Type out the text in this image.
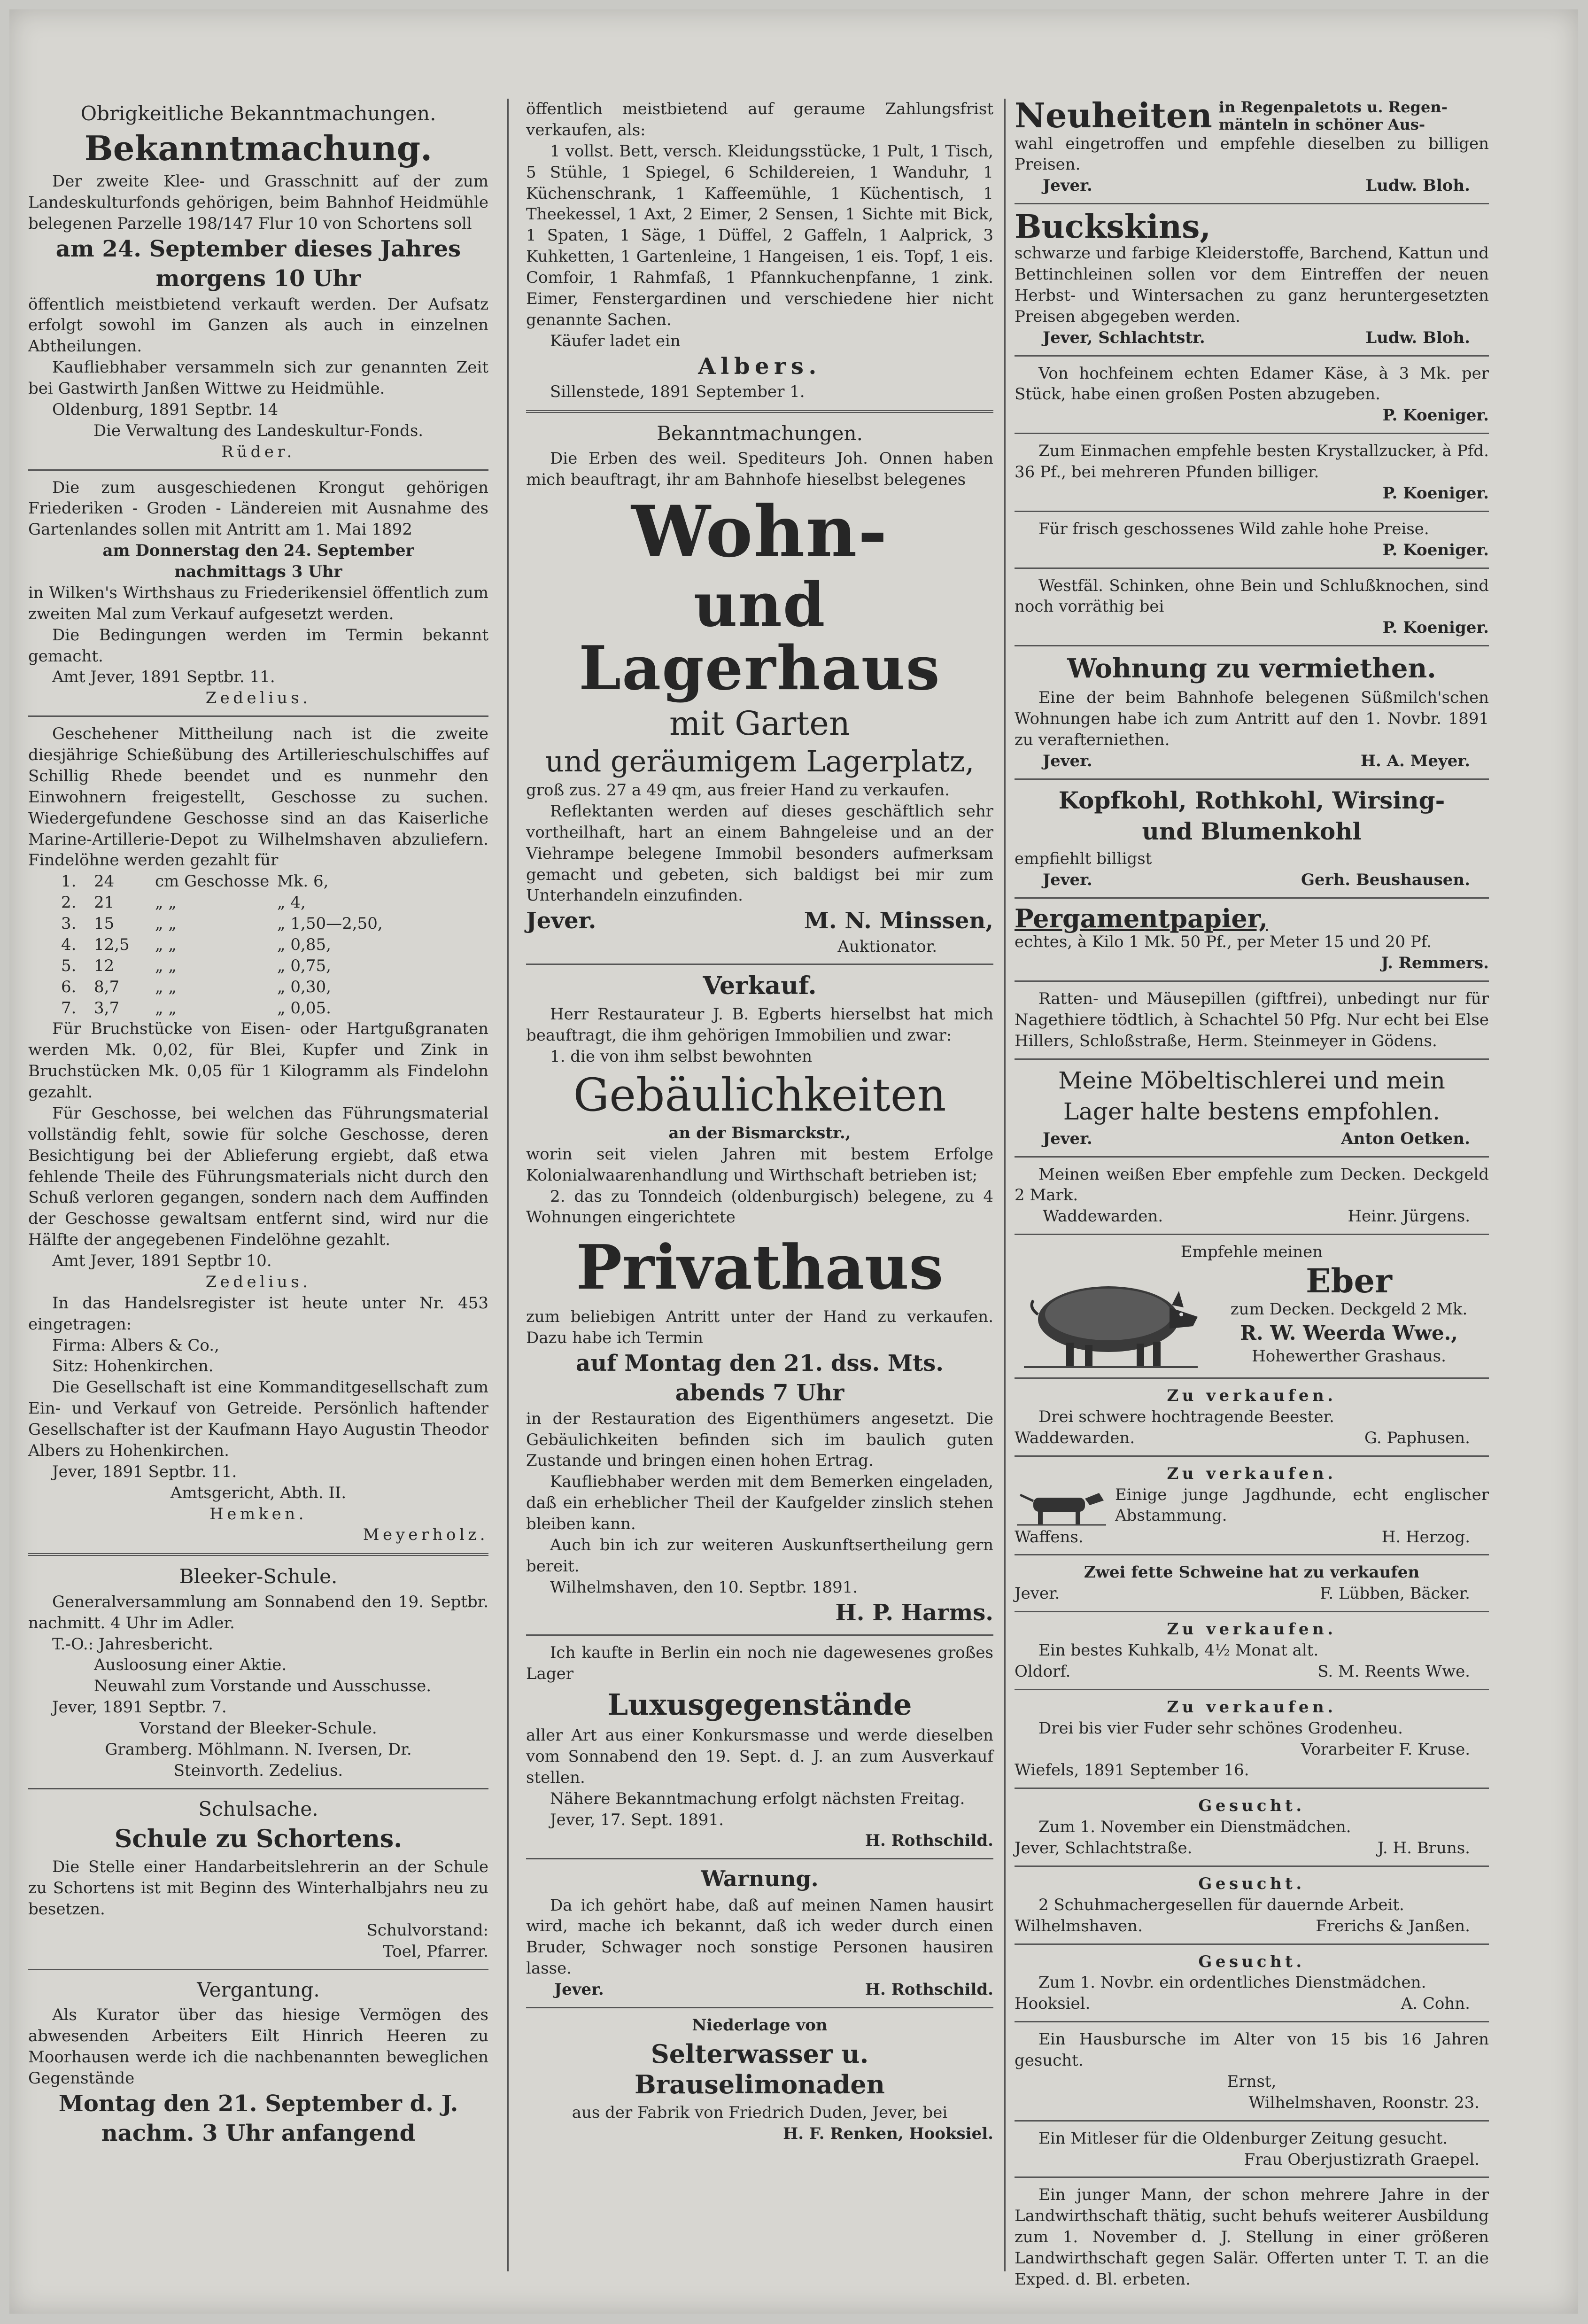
Obrigkeitliche Bekanntmachungen.
Bekanntmachung.

Der zweite Klee- und Grasschnitt auf der zum Landeskulturfonds gehörigen, beim Bahnhof Heidmühle belegenen Parzelle 198/147 Flur 10 von Schortens soll

am 24. September dieses Jahres
morgens 10 Uhr

öffentlich meistbietend verkauft werden. Der Aufsatz erfolgt sowohl im Ganzen als auch in einzelnen Abtheilungen.

Kaufliebhaber versammeln sich zur genannten Zeit bei Gastwirth Janßen Wittwe zu Heidmühle.

Oldenburg, 1891 Septbr. 14
Die Verwaltung des Landeskultur-Fonds.
Rüder.

Die zum ausgeschiedenen Krongut gehörigen Friederiken - Groden - Ländereien mit Ausnahme des Gartenlandes sollen mit Antritt am 1. Mai 1892

am Donnerstag den 24. September
nachmittags 3 Uhr

in Wilken's Wirthshaus zu Friederikensiel öffentlich zum zweiten Mal zum Verkauf aufgesetzt werden.

Die Bedingungen werden im Termin bekannt gemacht.

Amt Jever, 1891 Septbr. 11.
Zedelius.

Geschehener Mittheilung nach ist die zweite diesjährige Schießübung des Artillerieschulschiffes auf Schillig Rhede beendet und es nunmehr den Einwohnern freigestellt, Geschosse zu suchen. Wiedergefundene Geschosse sind an das Kaiserliche Marine-Artillerie-Depot zu Wilhelmshaven abzuliefern. Findelöhne werden gezahlt für

1.	24	cm Geschosse Mk. 6,
2.	21	„ „	„ 4,
3.	15	„ „	„ 1,50—2,50,
4.	12,5	„ „	„ 0,85,
5.	12	„ „	„ 0,75,
6.	8,7	„ „	„ 0,30,
7.	3,7	„ „	„ 0,05.

Für Bruchstücke von Eisen- oder Hartgußgranaten werden Mk. 0,02, für Blei, Kupfer und Zink in Bruchstücken Mk. 0,05 für 1 Kilogramm als Findelohn gezahlt.

Für Geschosse, bei welchen das Führungsmaterial vollständig fehlt, sowie für solche Geschosse, deren Besichtigung bei der Ablieferung ergiebt, daß etwa fehlende Theile des Führungsmaterials nicht durch den Schuß verloren gegangen, sondern nach dem Auffinden der Geschosse gewaltsam entfernt sind, wird nur die Hälfte der angegebenen Findelöhne gezahlt.

Amt Jever, 1891 Septbr 10.
Zedelius.

In das Handelsregister ist heute unter Nr. 453 eingetragen:

Firma: Albers & Co.,
Sitz: Hohenkirchen.

Die Gesellschaft ist eine Kommanditgesellschaft zum Ein- und Verkauf von Getreide. Persönlich haftender Gesellschafter ist der Kaufmann Hayo Augustin Theodor Albers zu Hohenkirchen.

Jever, 1891 Septbr. 11.
Amtsgericht, Abth. II.
Hemken.
Meyerholz.
Bleeker-Schule.

Generalversammlung am Sonnabend den 19. Septbr. nachmitt. 4 Uhr im Adler.

T.-O.: Jahresbericht.
Ausloosung einer Aktie.
Neuwahl zum Vorstande und Ausschusse.
Jever, 1891 Septbr. 7.
Vorstand der Bleeker-Schule.
Gramberg. Möhlmann. N. Iversen, Dr.
Steinvorth. Zedelius.
Schulsache.
Schule zu Schortens.

Die Stelle einer Handarbeitslehrerin an der Schule zu Schortens ist mit Beginn des Winterhalbjahrs neu zu besetzen.

Schulvorstand:
Toel, Pfarrer.
Vergantung.

Als Kurator über das hiesige Vermögen des abwesenden Arbeiters Eilt Hinrich Heeren zu Moorhausen werde ich die nachbenannten beweglichen Gegenstände

Montag den 21. September d. J.
nachm. 3 Uhr anfangend

öffentlich meistbietend auf geraume Zahlungsfrist verkaufen, als:

1 vollst. Bett, versch. Kleidungsstücke, 1 Pult, 1 Tisch, 5 Stühle, 1 Spiegel, 6 Schildereien, 1 Wanduhr, 1 Küchenschrank, 1 Kaffeemühle, 1 Küchentisch, 1 Theekessel, 1 Axt, 2 Eimer, 2 Sensen, 1 Sichte mit Bick, 1 Spaten, 1 Säge, 1 Düffel, 2 Gaffeln, 1 Aalprick, 3 Kuhketten, 1 Gartenleine, 1 Hangeisen, 1 eis. Topf, 1 eis. Comfoir, 1 Rahmfaß, 1 Pfannkuchenpfanne, 1 zink. Eimer, Fenstergardinen und verschiedene hier nicht genannte Sachen.

Käufer ladet ein
Albers.
Sillenstede, 1891 September 1.
Bekanntmachungen.

Die Erben des weil. Spediteurs Joh. Onnen haben mich beauftragt, ihr am Bahnhofe hieselbst belegenes

Wohn-
und Lagerhaus
mit Garten
und geräumigem Lagerplatz,

groß zus. 27 a 49 qm, aus freier Hand zu verkaufen.

Reflektanten werden auf dieses geschäftlich sehr vortheilhaft, hart an einem Bahngeleise und an der Viehrampe belegene Immobil besonders aufmerksam gemacht und gebeten, sich baldigst bei mir zum Unterhandeln einzufinden.

Jever.	M. N. Minssen,
Auktionator.
Verkauf.

Herr Restaurateur J. B. Egberts hierselbst hat mich beauftragt, die ihm gehörigen Immobilien und zwar:

1. die von ihm selbst bewohnten
Gebäulichkeiten
an der Bismarckstr.,

worin seit vielen Jahren mit bestem Erfolge Kolonialwaarenhandlung und Wirthschaft betrieben ist;

2. das zu Tonndeich (oldenburgisch) belegene, zu 4 Wohnungen eingerichtete

Privathaus

zum beliebigen Antritt unter der Hand zu verkaufen. Dazu habe ich Termin

auf Montag den 21. dss. Mts.
abends 7 Uhr

in der Restauration des Eigenthümers angesetzt. Die Gebäulichkeiten befinden sich im baulich guten Zustande und bringen einen hohen Ertrag.

Kaufliebhaber werden mit dem Bemerken eingeladen, daß ein erheblicher Theil der Kaufgelder zinslich stehen bleiben kann.

Auch bin ich zur weiteren Auskunftsertheilung gern bereit.

Wilhelmshaven, den 10. Septbr. 1891.
H. P. Harms.

Ich kaufte in Berlin ein noch nie dagewesenes großes Lager

Luxusgegenstände

aller Art aus einer Konkursmasse und werde dieselben vom Sonnabend den 19. Sept. d. J. an zum Ausverkauf stellen.

Nähere Bekanntmachung erfolgt nächsten Freitag.

Jever, 17. Sept. 1891.
H. Rothschild.
Warnung.

Da ich gehört habe, daß auf meinen Namen hausirt wird, mache ich bekannt, daß ich weder durch einen Bruder, Schwager noch sonstige Personen hausiren lasse.

Jever.	H. Rothschild.
Niederlage von
Selterwasser u. Brauselimonaden
aus der Fabrik von Friedrich Duden, Jever, bei
H. F. Renken, Hooksiel.
Neuheiten in Regenpaletots u. Regen-
mänteln in schöner Aus-

wahl eingetroffen und empfehle dieselben zu billigen Preisen.

Jever.	Ludw. Bloh.
Buckskins,

schwarze und farbige Kleiderstoffe, Barchend, Kattun und Bettinchleinen sollen vor dem Eintreffen der neuen Herbst- und Wintersachen zu ganz heruntergesetzten Preisen abgegeben werden.

Jever, Schlachtstr.	Ludw. Bloh.

Von hochfeinem echten Edamer Käse, à 3 Mk. per Stück, habe einen großen Posten abzugeben.

P. Koeniger.

Zum Einmachen empfehle besten Krystallzucker, à Pfd. 36 Pf., bei mehreren Pfunden billiger.

P. Koeniger.

Für frisch geschossenes Wild zahle hohe Preise.

P. Koeniger.

Westfäl. Schinken, ohne Bein und Schlußknochen, sind noch vorräthig bei

P. Koeniger.
Wohnung zu vermiethen.

Eine der beim Bahnhofe belegenen Süßmilch'schen Wohnungen habe ich zum Antritt auf den 1. Novbr. 1891 zu verafterniethen.

Jever.	H. A. Meyer.
Kopfkohl, Rothkohl, Wirsing-
und Blumenkohl
empfiehlt billigst
Jever.	Gerh. Beushausen.
Pergamentpapier,

echtes, à Kilo 1 Mk. 50 Pf., per Meter 15 und 20 Pf.

J. Remmers.

Ratten- und Mäusepillen (giftfrei), unbedingt nur für Nagethiere tödtlich, à Schachtel 50 Pfg. Nur echt bei Else Hillers, Schloßstraße, Herm. Steinmeyer in Gödens.

Meine Möbeltischlerei und mein
Lager halte bestens empfohlen.
Jever.	Anton Oetken.

Meinen weißen Eber empfehle zum Decken. Deckgeld 2 Mark.

Waddewarden.	Heinr. Jürgens.
Empfehle meinen
Eber
zum Decken. Deckgeld 2 Mk.
R. W. Weerda Wwe.,
Hohewerther Grashaus.
Zu verkaufen.
Drei schwere hochtragende Beester.
Waddewarden.	G. Paphusen.
Zu verkaufen.
Einige junge Jagdhunde, echt englischer Abstammung.
Waffens.	H. Herzog.
Zwei fette Schweine hat zu verkaufen
Jever.	F. Lübben, Bäcker.
Zu verkaufen.
Ein bestes Kuhkalb, 4½ Monat alt.
Oldorf.	S. M. Reents Wwe.
Zu verkaufen.
Drei bis vier Fuder sehr schönes Grodenheu.
Vorarbeiter F. Kruse.
Wiefels, 1891 September 16.
Gesucht.
Zum 1. November ein Dienstmädchen.
Jever, Schlachtstraße.	J. H. Bruns.
Gesucht.
2 Schuhmachergesellen für dauernde Arbeit.
Wilhelmshaven.	Frerichs & Janßen.
Gesucht.
Zum 1. Novbr. ein ordentliches Dienstmädchen.
Hooksiel.	A. Cohn.

Ein Hausbursche im Alter von 15 bis 16 Jahren gesucht.

Ernst,
Wilhelmshaven, Roonstr. 23.

Ein Mitleser für die Oldenburger Zeitung gesucht.

Frau Oberjustizrath Graepel.

Ein junger Mann, der schon mehrere Jahre in der Landwirthschaft thätig, sucht behufs weiterer Ausbildung zum 1. November d. J. Stellung in einer größeren Landwirthschaft gegen Salär. Offerten unter T. T. an die Exped. d. Bl. erbeten.
